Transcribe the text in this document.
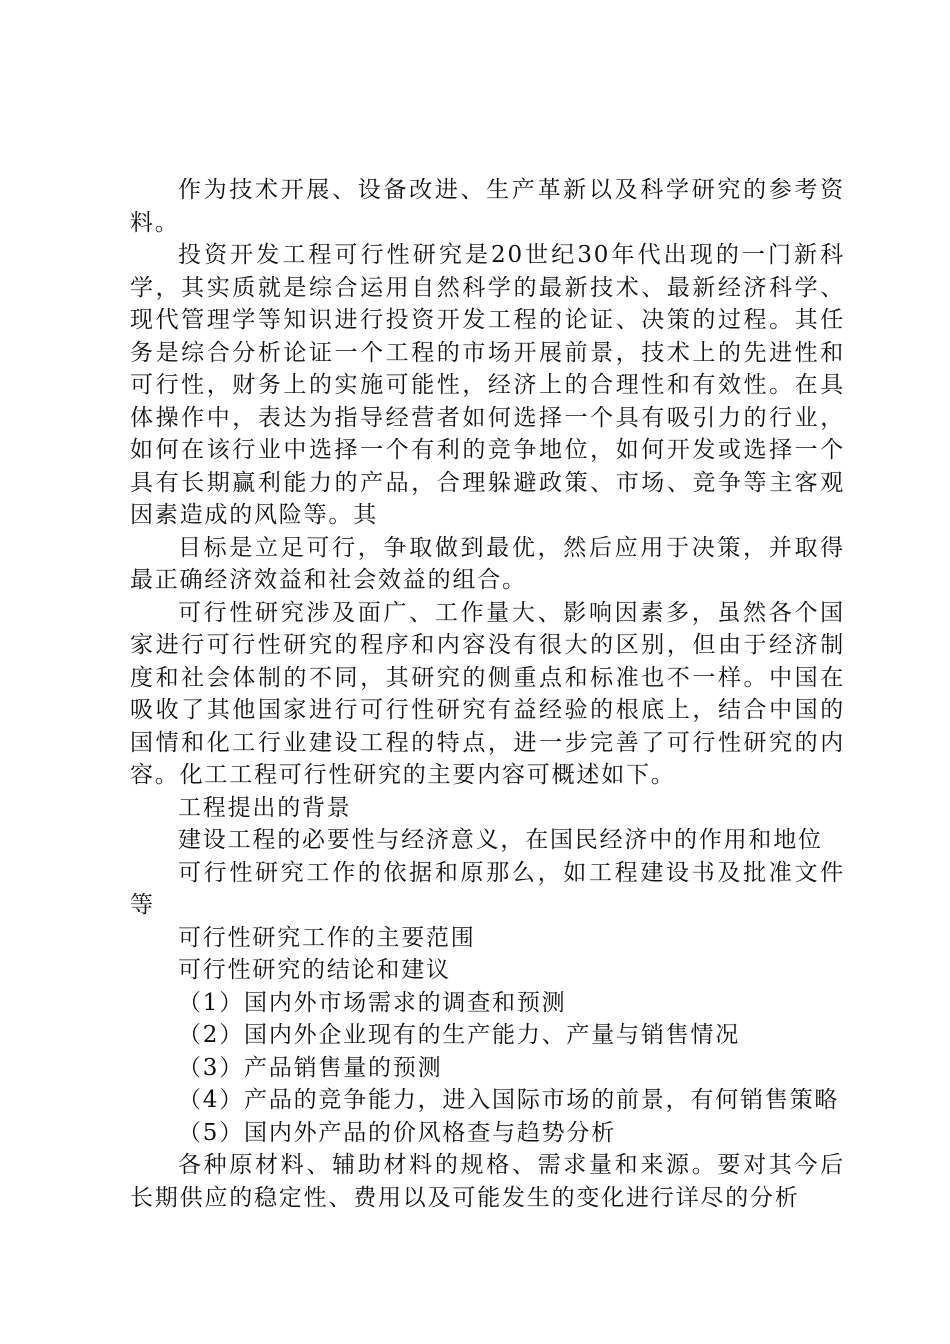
作为技术开展、设备改进、生产革新以及科学研究的参考资料。

投资开发工程可行性研究是20世纪30年代出现的一门新科学，其实质就是综合运用自然科学的最新技术、最新经济科学、现代管理学等知识进行投资开发工程的论证、决策的过程。其任务是综合分析论证一个工程的市场开展前景，技术上的先进性和可行性，财务上的实施可能性，经济上的合理性和有效性。在具体操作中，表达为指导经营者如何选择一个具有吸引力的行业，如何在该行业中选择一个有利的竞争地位，如何开发或选择一个具有长期赢利能力的产品，合理躲避政策、市场、竞争等主客观因素造成的风险等。其

目标是立足可行，争取做到最优，然后应用于决策，并取得最正确经济效益和社会效益的组合。

可行性研究涉及面广、工作量大、影响因素多，虽然各个国家进行可行性研究的程序和内容没有很大的区别，但由于经济制度和社会体制的不同，其研究的侧重点和标准也不一样。中国在吸收了其他国家进行可行性研究有益经验的根底上，结合中国的国情和化工行业建设工程的特点，进一步完善了可行性研究的内容。化工工程可行性研究的主要内容可概述如下。

工程提出的背景

建设工程的必要性与经济意义，在国民经济中的作用和地位

可行性研究工作的依据和原那么，如工程建设书及批准文件等

可行性研究工作的主要范围

可行性研究的结论和建议

（1）国内外市场需求的调查和预测

（2）国内外企业现有的生产能力、产量与销售情况

（3）产品销售量的预测

（4）产品的竞争能力，进入国际市场的前景，有何销售策略

（5）国内外产品的价风格查与趋势分析

各种原材料、辅助材料的规格、需求量和来源。要对其今后长期供应的稳定性、费用以及可能发生的变化进行详尽的分析
